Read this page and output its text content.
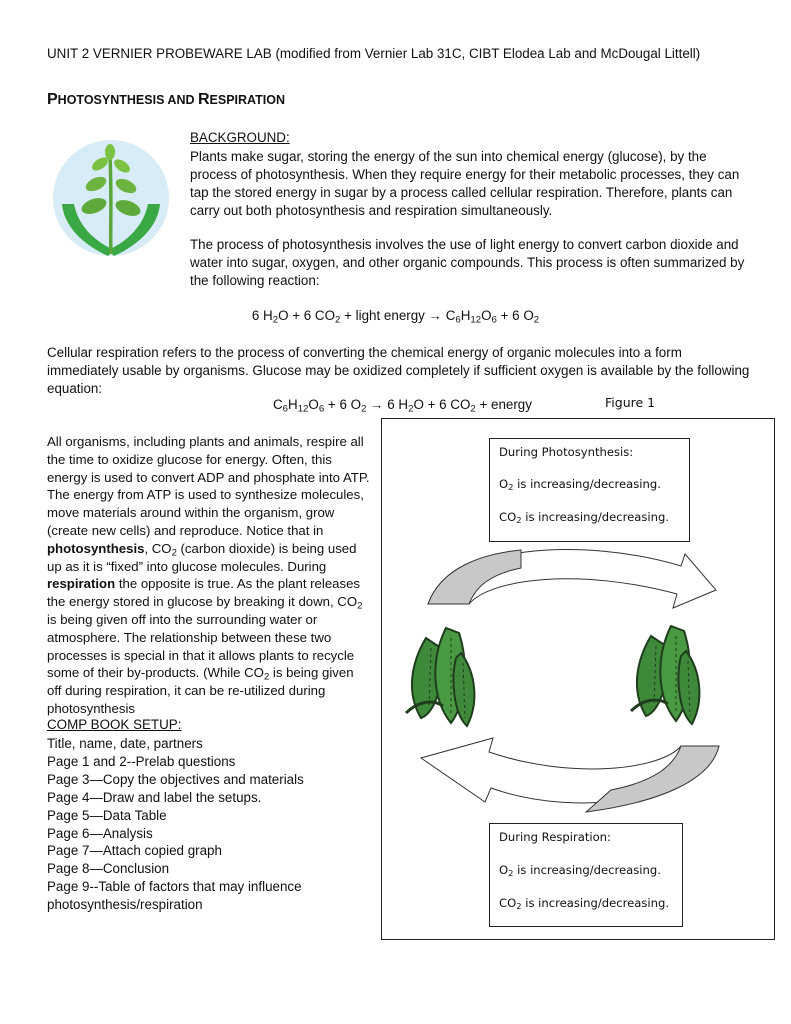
UNIT 2 VERNIER PROBEWARE LAB (modified from Vernier Lab 31C, CIBT Elodea Lab and McDougal Littell)
PHOTOSYNTHESIS AND RESPIRATION
BACKGROUND:
Plants make sugar, storing the energy of the sun into chemical energy (glucose), by the process of photosynthesis. When they require energy for their metabolic processes, they can tap the stored energy in sugar by a process called cellular respiration. Therefore, plants can carry out both photosynthesis and respiration simultaneously.
The process of photosynthesis involves the use of light energy to convert carbon dioxide and water into sugar, oxygen, and other organic compounds. This process is often summarized by the following reaction:
6 $H_2O + 6$ $CO_2$ + light energy → $C_6H_{12}O_6 + 6$ $O_2$
Cellular respiration refers to the process of converting the chemical energy of organic molecules into a form immediately usable by organisms. Glucose may be oxidized completely if sufficient oxygen is available by the following equation:
$C_6H_{12}O_6 + 6$ $O_2 \to 6$ $H_2O + 6$ $CO_2$ + energy	Figure 1
All organisms, including plants and animals, respire all the time to oxidize glucose for energy. Often, this energy is used to convert ADP and phosphate into ATP. The energy from ATP is used to synthesize molecules, move materials around within the organism, grow (create new cells) and reproduce. Notice that in photosynthesis, $CO_2$ (carbon dioxide) is being used up as it is “fixed” into glucose molecules. During respiration the opposite is true. As the plant releases the energy stored in glucose by breaking it down, $CO_2$ is being given off into the surrounding water or atmosphere. The relationship between these two processes is special in that it allows plants to recycle some of their by-products. (While $CO_2$ is being given off during respiration, it can be re-utilized during photosynthesis
COMP BOOK SETUP:
Title, name, date, partners
Page 1 and 2--Prelab questions
Page 3—Copy the objectives and materials
Page 4—Draw and label the setups.
Page 5—Data Table
Page 6—Analysis
Page 7—Attach copied graph
Page 8—Conclusion
Page 9--Table of factors that may influence
photosynthesis/respiration
During Photosynthesis:
$O_2$ is increasing/decreasing.
$CO_2$ is increasing/decreasing.
During Respiration:
$O_2$ is increasing/decreasing.
$CO_2$ is increasing/decreasing.
